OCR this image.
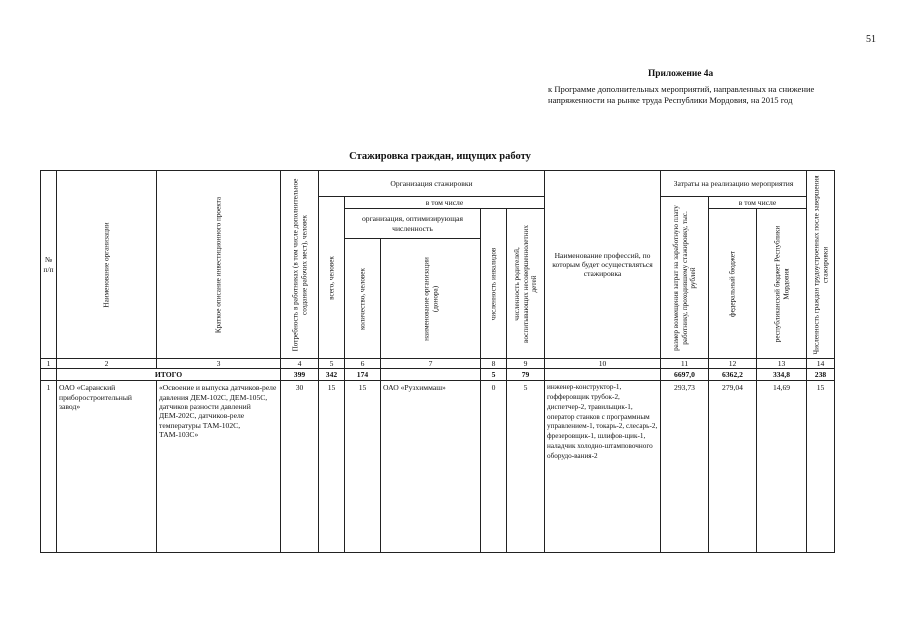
51
Приложение 4а
к Программе дополнительных мероприятий, направленных на снижение напряженности на рынке труда Республики Мордовия, на 2015 год
Стажировка граждан, ищущих работу
№ п/п	Наименование организации	Краткое описание инвестиционного проекта	Потребность в работниках (в том числе дополнительное создание рабочих мест), человек	Организация стажировки					Наименование профессий, по которым будет осуществляться стажировка	Затраты на реализацию мероприятия			Численность граждан трудоустроенных после завершения стажировки

				всего, человек	в том числе					размер возмещения затрат на заработную плату работнику, проходившему стажировку, тыс. рублей	в том числе		
					организация, оптимизирующая численность		численность инвалидов	численность родителей, воспитывающих несовершеннолетних детей			федеральный бюджет	республиканский бюджет Республики Мордовия	

					количество, человек	наименование организации (донора)							

1	2	3	4	5	6	7	8	9	10	11	12	13	14
	ИТОГО		399	342	174		5	79		6697,0	6362,2	334,8	238
1	ОАО «Саранский приборостроительный завод»	«Освоение и выпуска датчиков-реле давления ДЕМ-102С, ДЕМ-105С, датчиков разности давлений ДЕМ-202С, датчиков-реле температуры ТАМ-102С, ТАМ-103С»	30	15	15	ОАО «Рузхиммаш»	0	5	инженер-конструктор-1, гофферовщик трубок-2, диспетчер-2, травильщик-1, оператор станков с программным управлением-1, токарь-2, слесарь-2, фрезеровщик-1, шлифов-щик-1, наладчик холодно-штамповочного оборудо-вания-2	293,73	279,04	14,69	15
